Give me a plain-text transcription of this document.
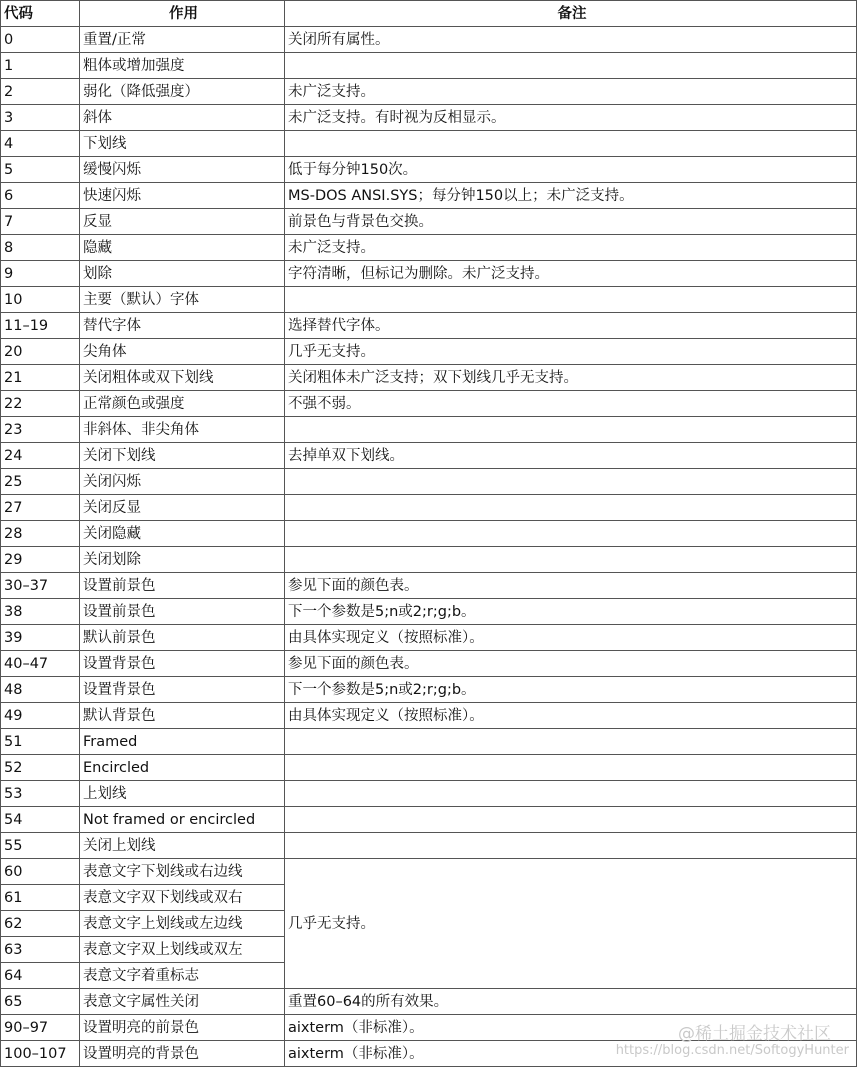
代码	作用	备注
0	重置/正常	关闭所有属性。
1	粗体或增加强度	
2	弱化（降低强度）	未广泛支持。
3	斜体	未广泛支持。有时视为反相显示。
4	下划线	
5	缓慢闪烁	低于每分钟150次。
6	快速闪烁	MS-DOS ANSI.SYS；每分钟150以上；未广泛支持。
7	反显	前景色与背景色交换。
8	隐藏	未广泛支持。
9	划除	字符清晰，但标记为删除。未广泛支持。
10	主要（默认）字体	
11–19	替代字体	选择替代字体。
20	尖角体	几乎无支持。
21	关闭粗体或双下划线	关闭粗体未广泛支持；双下划线几乎无支持。
22	正常颜色或强度	不强不弱。
23	非斜体、非尖角体	
24	关闭下划线	去掉单双下划线。
25	关闭闪烁	
27	关闭反显	
28	关闭隐藏	
29	关闭划除	
30–37	设置前景色	参见下面的颜色表。
38	设置前景色	下一个参数是5;n或2;r;g;b。
39	默认前景色	由具体实现定义（按照标准）。
40–47	设置背景色	参见下面的颜色表。
48	设置背景色	下一个参数是5;n或2;r;g;b。
49	默认背景色	由具体实现定义（按照标准）。
51	Framed	
52	Encircled	
53	上划线	
54	Not framed or encircled	
55	关闭上划线	
60	表意文字下划线或右边线	几乎无支持。
61	表意文字双下划线或双右	
62	表意文字上划线或左边线	
63	表意文字双上划线或双左	
64	表意文字着重标志	
65	表意文字属性关闭	重置60–64的所有效果。
90–97	设置明亮的前景色	aixterm（非标准）。
100–107	设置明亮的背景色	aixterm（非标准）。
@稀土掘金技术社区
https://blog.csdn.net/SoftogyHunter
